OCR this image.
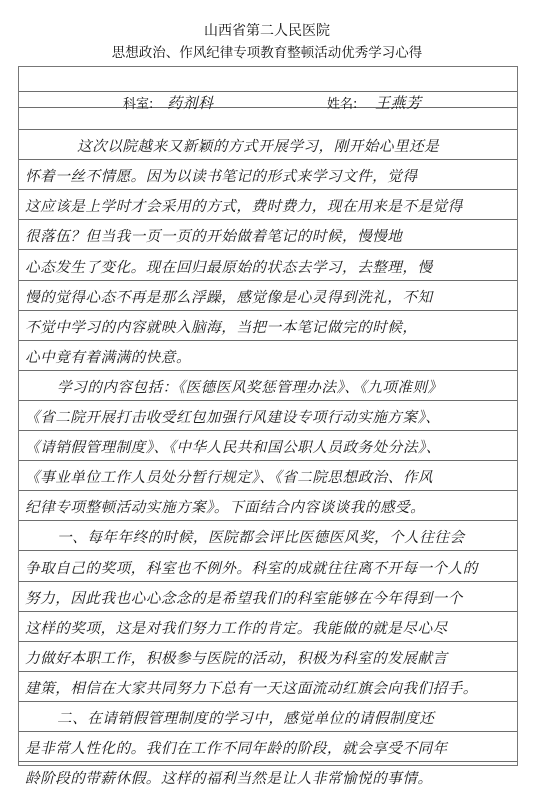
山西省第二人民医院
思想政治、作风纪律专项教育整顿活动优秀学习心得
科室: 药剂科	姓名: 王燕芳
这次以院越来又新颖的方式开展学习，刚开始心里还是
怀着一丝不情愿。因为以读书笔记的形式来学习文件，觉得
这应该是上学时才会采用的方式，费时费力，现在用来是不是觉得
很落伍？但当我一页一页的开始做着笔记的时候，慢慢地
心态发生了变化。现在回归最原始的状态去学习，去整理，慢
慢的觉得心态不再是那么浮躁，感觉像是心灵得到洗礼，不知
不觉中学习的内容就映入脑海，当把一本笔记做完的时候，
心中竟有着满满的快意。
学习的内容包括：《医德医风奖惩管理办法》、《九项准则》
《省二院开展打击收受红包加强行风建设专项行动实施方案》、
《请销假管理制度》、《中华人民共和国公职人员政务处分法》、
《事业单位工作人员处分暂行规定》、《省二院思想政治、作风
纪律专项整顿活动实施方案》。下面结合内容谈谈我的感受。
一、每年年终的时候，医院都会评比医德医风奖，个人往往会
争取自己的奖项，科室也不例外。科室的成就往往离不开每一个人的
努力，因此我也心心念念的是希望我们的科室能够在今年得到一个
这样的奖项，这是对我们努力工作的肯定。我能做的就是尽心尽
力做好本职工作，积极参与医院的活动，积极为科室的发展献言
建策，相信在大家共同努力下总有一天这面流动红旗会向我们招手。
二、在请销假管理制度的学习中，感觉单位的请假制度还
是非常人性化的。我们在工作不同年龄的阶段，就会享受不同年
龄阶段的带薪休假。这样的福利当然是让人非常愉悦的事情。
